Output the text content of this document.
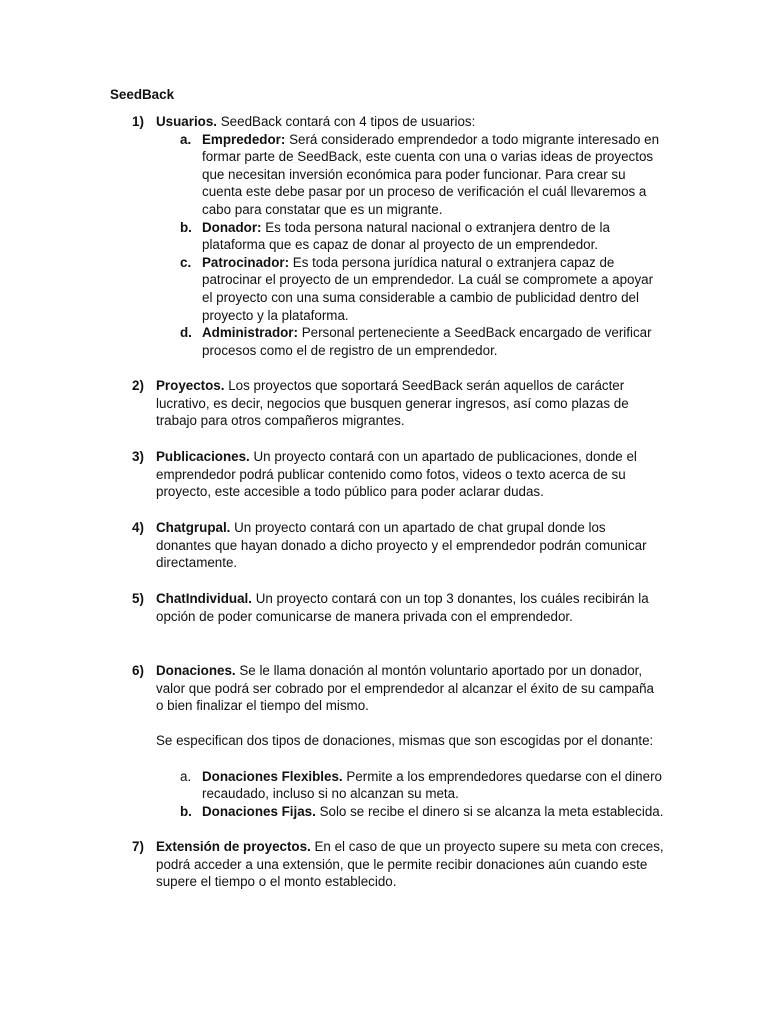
SeedBack
1) Usuarios. SeedBack contará con 4 tipos de usuarios:
a. Emprededor: Será considerado emprendedor a todo migrante interesado en formar parte de SeedBack, este cuenta con una o varias ideas de proyectos que necesitan inversión económica para poder funcionar. Para crear su cuenta este debe pasar por un proceso de verificación el cuál llevaremos a cabo para constatar que es un migrante.
b. Donador: Es toda persona natural nacional o extranjera dentro de la plataforma que es capaz de donar al proyecto de un emprendedor.
c. Patrocinador: Es toda persona jurídica natural o extranjera capaz de patrocinar el proyecto de un emprendedor. La cuál se compromete a apoyar el proyecto con una suma considerable a cambio de publicidad dentro del proyecto y la plataforma.
d. Administrador: Personal perteneciente a SeedBack encargado de verificar procesos como el de registro de un emprendedor.
2) Proyectos. Los proyectos que soportará SeedBack serán aquellos de carácter lucrativo, es decir, negocios que busquen generar ingresos, así como plazas de trabajo para otros compañeros migrantes.
3) Publicaciones. Un proyecto contará con un apartado de publicaciones, donde el emprendedor podrá publicar contenido como fotos, videos o texto acerca de su proyecto, este accesible a todo público para poder aclarar dudas.
4) Chatgrupal. Un proyecto contará con un apartado de chat grupal donde los donantes que hayan donado a dicho proyecto y el emprendedor podrán comunicar directamente.
5) ChatIndividual. Un proyecto contará con un top 3 donantes, los cuáles recibirán la opción de poder comunicarse de manera privada con el emprendedor.
6) Donaciones. Se le llama donación al montón voluntario aportado por un donador, valor que podrá ser cobrado por el emprendedor al alcanzar el éxito de su campaña o bien finalizar el tiempo del mismo.
Se especifican dos tipos de donaciones, mismas que son escogidas por el donante:
a. Donaciones Flexibles. Permite a los emprendedores quedarse con el dinero recaudado, incluso si no alcanzan su meta.
b. Donaciones Fijas. Solo se recibe el dinero si se alcanza la meta establecida.
7) Extensión de proyectos. En el caso de que un proyecto supere su meta con creces, podrá acceder a una extensión, que le permite recibir donaciones aún cuando este supere el tiempo o el monto establecido.
